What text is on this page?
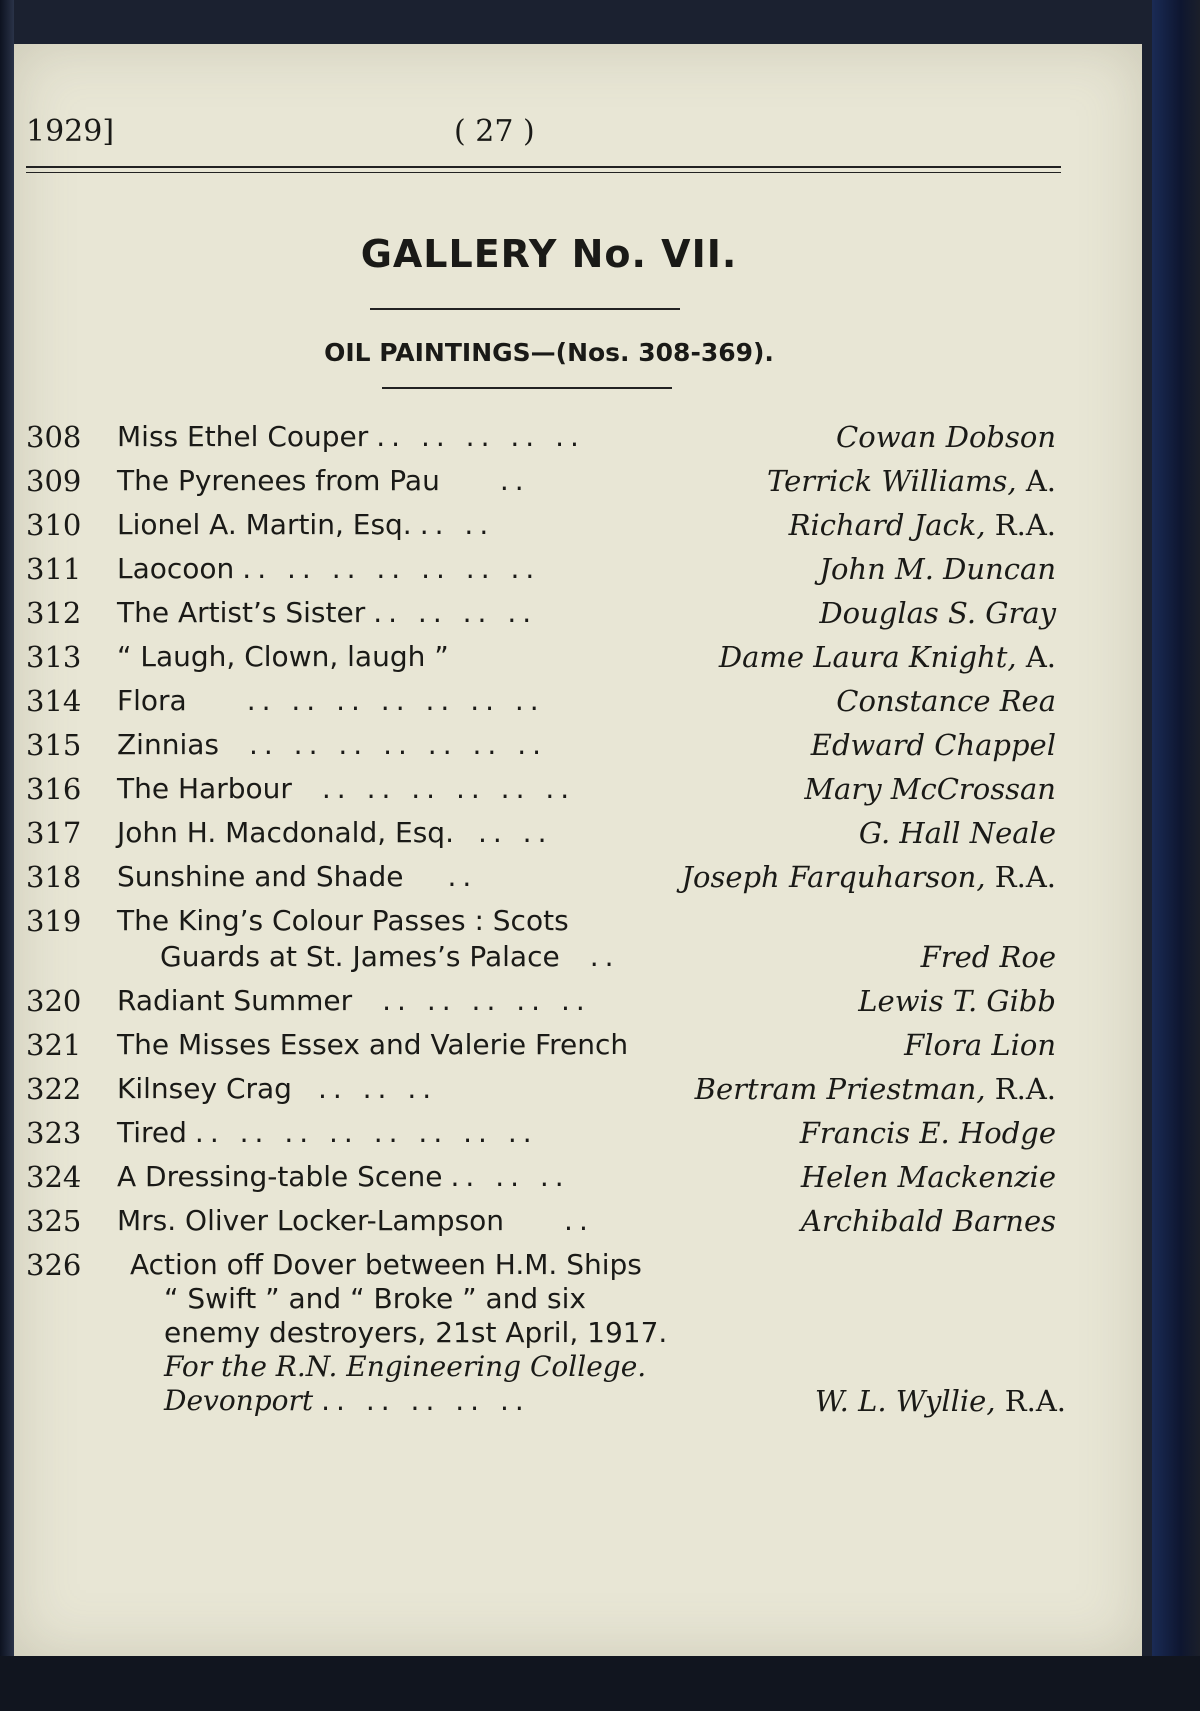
1929]	( 27 )
GALLERY No. VII.
OIL PAINTINGS—(Nos. 308-369).
308 Miss Ethel Couper .. .. .. .. ..	Cowan Dobson
309 The Pyrenees from Pau ..	Terrick Williams, A.
310 Lionel A. Martin, Esq. .. ..	Richard Jack, R.A.
311 Laocoon .. .. .. .. .. .. ..	John M. Duncan
312 The Artist’s Sister .. .. .. ..	Douglas S. Gray
313 “ Laugh, Clown, laugh ”	Dame Laura Knight, A.
314 Flora .. .. .. .. .. .. ..	Constance Rea
315 Zinnias .. .. .. .. .. .. ..	Edward Chappel
316 The Harbour .. .. .. .. .. ..	Mary McCrossan
317 John H. Macdonald, Esq. .. ..	G. Hall Neale
318 Sunshine and Shade ..	Joseph Farquharson, R.A.
319 The King’s Colour Passes : Scots
Guards at St. James’s Palace ..	Fred Roe
320 Radiant Summer .. .. .. .. ..	Lewis T. Gibb
321 The Misses Essex and Valerie French	Flora Lion
322 Kilnsey Crag .. .. ..	Bertram Priestman, R.A.
323 Tired .. .. .. .. .. .. .. ..	Francis E. Hodge
324 A Dressing-table Scene .. .. ..	Helen Mackenzie
325 Mrs. Oliver Locker-Lampson ..	Archibald Barnes
326 Action off Dover between H.M. Ships
“ Swift ” and “ Broke ” and six
enemy destroyers, 21st April, 1917.
For the R.N. Engineering College.
Devonport .. .. .. .. ..	W. L. Wyllie, R.A.
